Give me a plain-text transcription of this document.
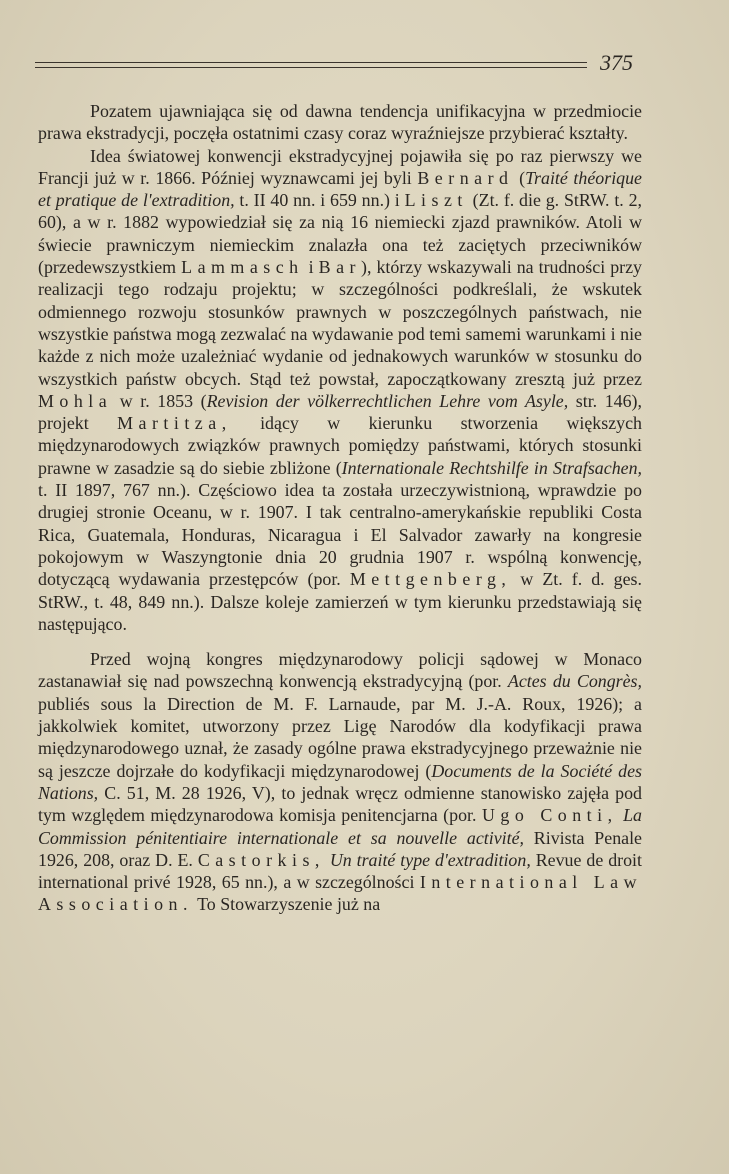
375

Pozatem ujawniająca się od dawna tendencja unifikacyjna w przedmiocie prawa ekstradycji, poczęła ostatnimi czasy coraz wyraźniejsze przybierać kształty.

Idea światowej konwencji ekstradycyjnej pojawiła się po raz pierwszy we Francji już w r. 1866. Później wyznawcami jej byli Bernard (Traité théorique et pratique de l'extradition, t. II 40 nn. i 659 nn.) i Liszt (Zt. f. die g. StRW. t. 2, 60), a w r. 1882 wypowiedział się za nią 16 niemiecki zjazd prawników. Atoli w świecie prawniczym niemieckim znalazła ona też zaciętych przeciwników (przedewszystkiem Lammasch i Bar), którzy wskazywali na trudności przy realizacji tego rodzaju projektu; w szczególności podkreślali, że wskutek odmiennego rozwoju stosunków prawnych w poszczególnych państwach, nie wszystkie państwa mogą zezwalać na wydawanie pod temi samemi warunkami i nie każde z nich może uzależniać wydanie od jednakowych warunków w stosunku do wszystkich państw obcych. Stąd też powstał, zapoczątkowany zresztą już przez Mohla w r. 1853 (Revision der völkerrechtlichen Lehre vom Asyle, str. 146), projekt Martitza, idący w kierunku stworzenia większych międzynarodowych związków prawnych pomiędzy państwami, których stosunki prawne w zasadzie są do siebie zbliżone (Internationale Rechtshilfe in Strafsachen, t. II 1897, 767 nn.). Częściowo idea ta została urzeczywistnioną, wprawdzie po drugiej stronie Oceanu, w r. 1907. I tak centralno-amerykańskie republiki Costa Rica, Guatemala, Honduras, Nicaragua i El Salvador zawarły na kongresie pokojowym w Waszyngtonie dnia 20 grudnia 1907 r. wspólną konwencję, dotyczącą wydawania przestępców (por. Mettgenberg, w Zt. f. d. ges. StRW., t. 48, 849 nn.). Dalsze koleje zamierzeń w tym kierunku przedstawiają się następująco.

Przed wojną kongres międzynarodowy policji sądowej w Monaco zastanawiał się nad powszechną konwencją ekstradycyjną (por. Actes du Congrès, publiés sous la Direction de M. F. Larnaude, par M. J.-A. Roux, 1926); a jakkolwiek komitet, utworzony przez Ligę Narodów dla kodyfikacji prawa międzynarodowego uznał, że zasady ogólne prawa ekstradycyjnego przeważnie nie są jeszcze dojrzałe do kodyfikacji międzynarodowej (Documents de la Société des Nations, C. 51, M. 28 1926, V), to jednak wręcz odmienne stanowisko zajęła pod tym względem międzynarodowa komisja penitencjarna (por. Ugo Conti, La Commission pénitentiaire internationale et sa nouvelle activité, Rivista Penale 1926, 208, oraz D. E. Castorkis, Un traité type d'extradition, Revue de droit international privé 1928, 65 nn.), a w szczególności International Law Association. To Stowarzyszenie już na
